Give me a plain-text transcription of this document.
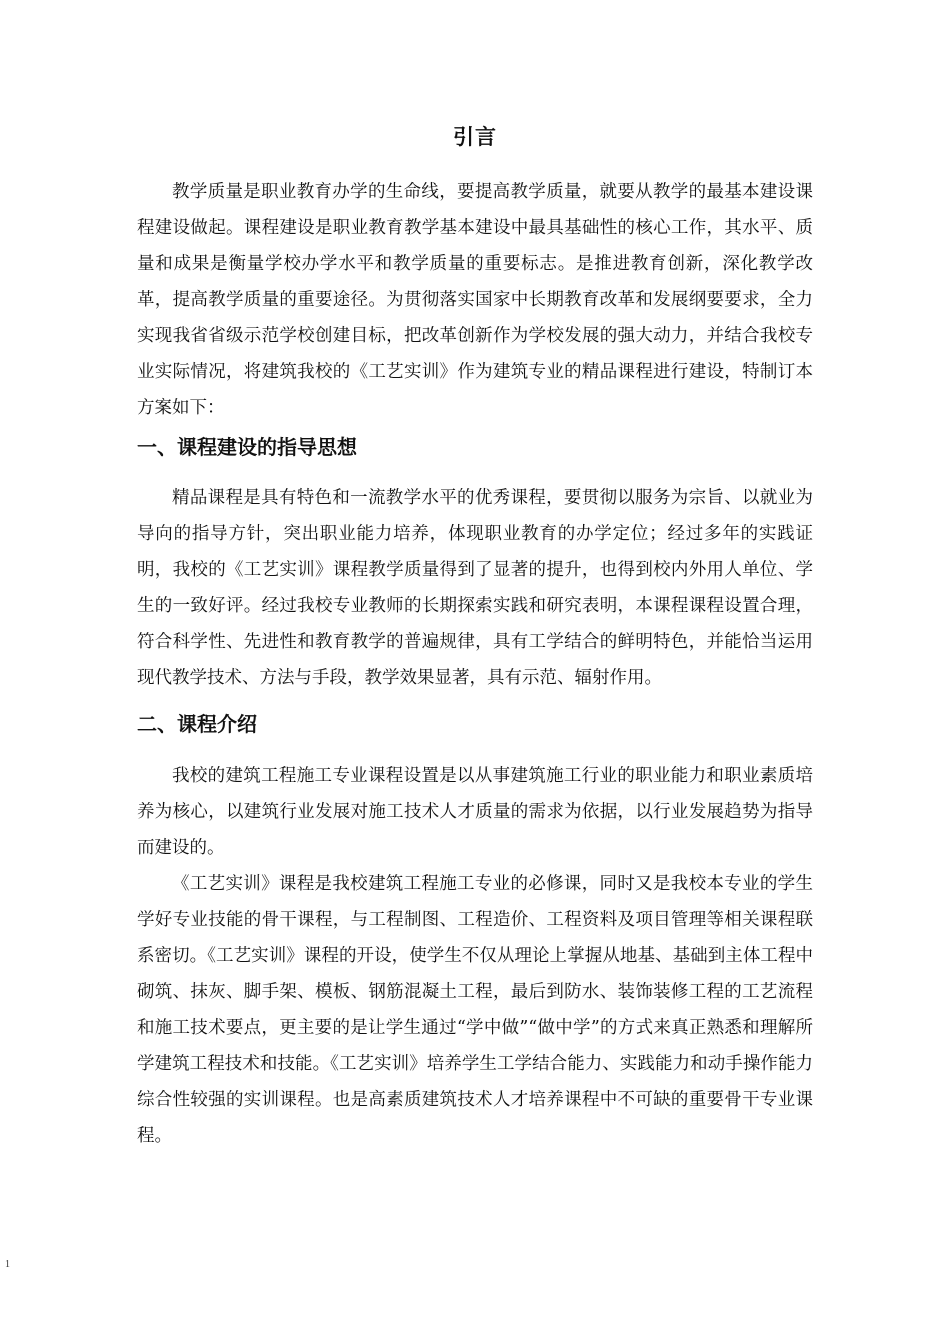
引言

教学质量是职业教育办学的生命线，要提高教学质量，就要从教学的最基本建设课程建设做起。课程建设是职业教育教学基本建设中最具基础性的核心工作，其水平、质量和成果是衡量学校办学水平和教学质量的重要标志。是推进教育创新，深化教学改革，提高教学质量的重要途径。为贯彻落实国家中长期教育改革和发展纲要要求，全力实现我省省级示范学校创建目标，把改革创新作为学校发展的强大动力，并结合我校专业实际情况，将建筑我校的《工艺实训》作为建筑专业的精品课程进行建设，特制订本方案如下：

一、课程建设的指导思想

精品课程是具有特色和一流教学水平的优秀课程，要贯彻以服务为宗旨、以就业为导向的指导方针，突出职业能力培养，体现职业教育的办学定位；经过多年的实践证明，我校的《工艺实训》课程教学质量得到了显著的提升，也得到校内外用人单位、学生的一致好评。经过我校专业教师的长期探索实践和研究表明，本课程课程设置合理，符合科学性、先进性和教育教学的普遍规律，具有工学结合的鲜明特色，并能恰当运用现代教学技术、方法与手段，教学效果显著，具有示范、辐射作用。

二、课程介绍

我校的建筑工程施工专业课程设置是以从事建筑施工行业的职业能力和职业素质培养为核心，以建筑行业发展对施工技术人才质量的需求为依据，以行业发展趋势为指导而建设的。

《工艺实训》课程是我校建筑工程施工专业的必修课，同时又是我校本专业的学生学好专业技能的骨干课程，与工程制图、工程造价、工程资料及项目管理等相关课程联系密切。《工艺实训》课程的开设，使学生不仅从理论上掌握从地基、基础到主体工程中砌筑、抹灰、脚手架、模板、钢筋混凝土工程，最后到防水、装饰装修工程的工艺流程和施工技术要点，更主要的是让学生通过“学中做”“做中学”的方式来真正熟悉和理解所学建筑工程技术和技能。《工艺实训》培养学生工学结合能力、实践能力和动手操作能力综合性较强的实训课程。也是高素质建筑技术人才培养课程中不可缺的重要骨干专业课程。

1
